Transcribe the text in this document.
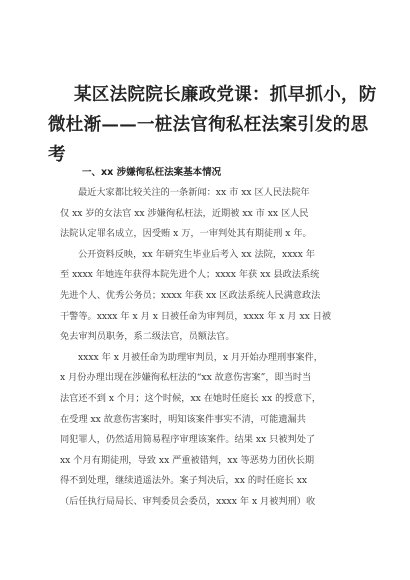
某区法院院长廉政党课：抓早抓小，防微杜渐——一桩法官徇私枉法案引发的思考
一、xx 涉嫌徇私枉法案基本情况
最近大家都比较关注的一条新闻：xx 市 xx 区人民法院年
仅 xx 岁的女法官 xx 涉嫌徇私枉法，近期被 xx 市 xx 区人民
法院认定罪名成立，因受贿 x 万，一审判处其有期徒刑 x 年。
公开资料反映，xx 年研究生毕业后考入 xx 法院，xxxx 年
至 xxxx 年她连年获得本院先进个人；xxxx 年获 xx 县政法系统
先进个人、优秀公务员；xxxx 年获 xx 区政法系统人民满意政法
干警等。xxxx 年 x 月 x 日被任命为审判员，xxxx 年 x 月 xx 日被
免去审判员职务，系二级法官，员额法官。
xxxx 年 x 月被任命为助理审判员，x 月开始办理刑事案件，
x 月份办理出现在涉嫌徇私枉法的“xx 故意伤害案”，即当时当
法官还不到 x 个月；这个时候，xx 在她时任庭长 xx 的授意下，
在受理 xx 故意伤害案时，明知该案件事实不清，可能遗漏共
同犯罪人，仍然适用简易程序审理该案件。结果 xx 只被判处了
xx 个月有期徒刑，导致 xx 严重被错判，xx 等恶势力团伙长期
得不到处理，继续逍遥法外。案子判决后，xx 的时任庭长 xx
（后任执行局局长、审判委员会委员，xxxx 年 x 月被判刑）收
